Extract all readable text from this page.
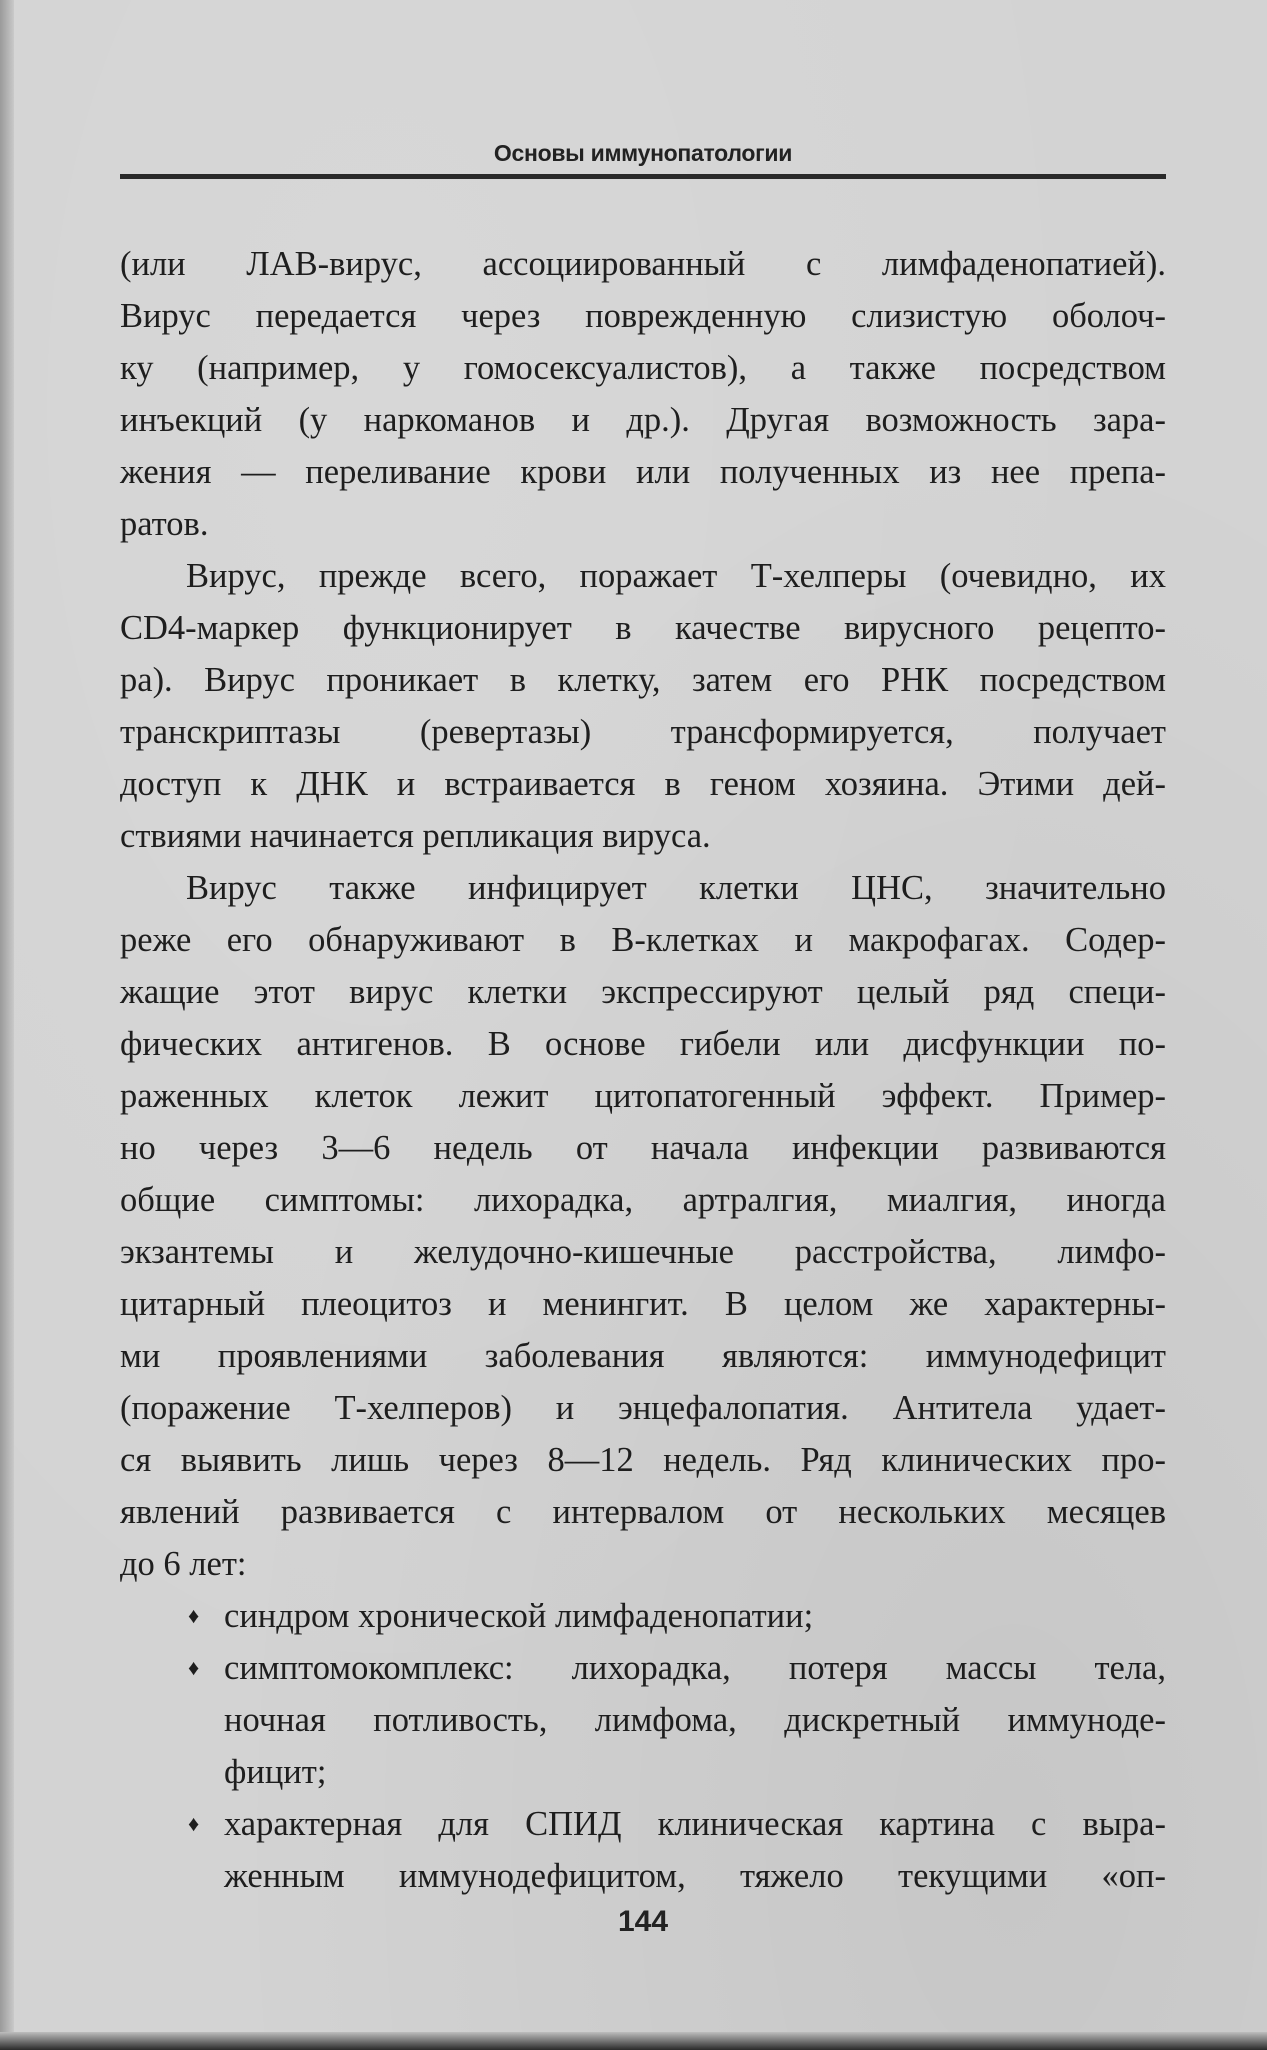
Основы иммунопатологии
(или ЛАВ-вирус, ассоциированный с лимфаденопатией).
Вирус передается через поврежденную слизистую оболоч-
ку (например, у гомосексуалистов), а также посредством
инъекций (у наркоманов и др.). Другая возможность зара-
жения — переливание крови или полученных из нее препа-
ратов.
Вирус, прежде всего, поражает Т-хелперы (очевидно, их
CD4-маркер функционирует в качестве вирусного рецепто-
ра). Вирус проникает в клетку, затем его РНК посредством
транскриптазы (ревертазы) трансформируется, получает
доступ к ДНК и встраивается в геном хозяина. Этими дей-
ствиями начинается репликация вируса.
Вирус также инфицирует клетки ЦНС, значительно
реже его обнаруживают в В-клетках и макрофагах. Содер-
жащие этот вирус клетки экспрессируют целый ряд специ-
фических антигенов. В основе гибели или дисфункции по-
раженных клеток лежит цитопатогенный эффект. Пример-
но через 3—6 недель от начала инфекции развиваются
общие симптомы: лихорадка, артралгия, миалгия, иногда
экзантемы и желудочно-кишечные расстройства, лимфо-
цитарный плеоцитоз и менингит. В целом же характерны-
ми проявлениями заболевания являются: иммунодефицит
(поражение Т-хелперов) и энцефалопатия. Антитела удает-
ся выявить лишь через 8—12 недель. Ряд клинических про-
явлений развивается с интервалом от нескольких месяцев
до 6 лет:
♦ синдром хронической лимфаденопатии;
♦ симптомокомплекс: лихорадка, потеря массы тела,
ночная потливость, лимфома, дискретный иммуноде-
фицит;
♦ характерная для СПИД клиническая картина с выра-
женным иммунодефицитом, тяжело текущими «оп-
144
